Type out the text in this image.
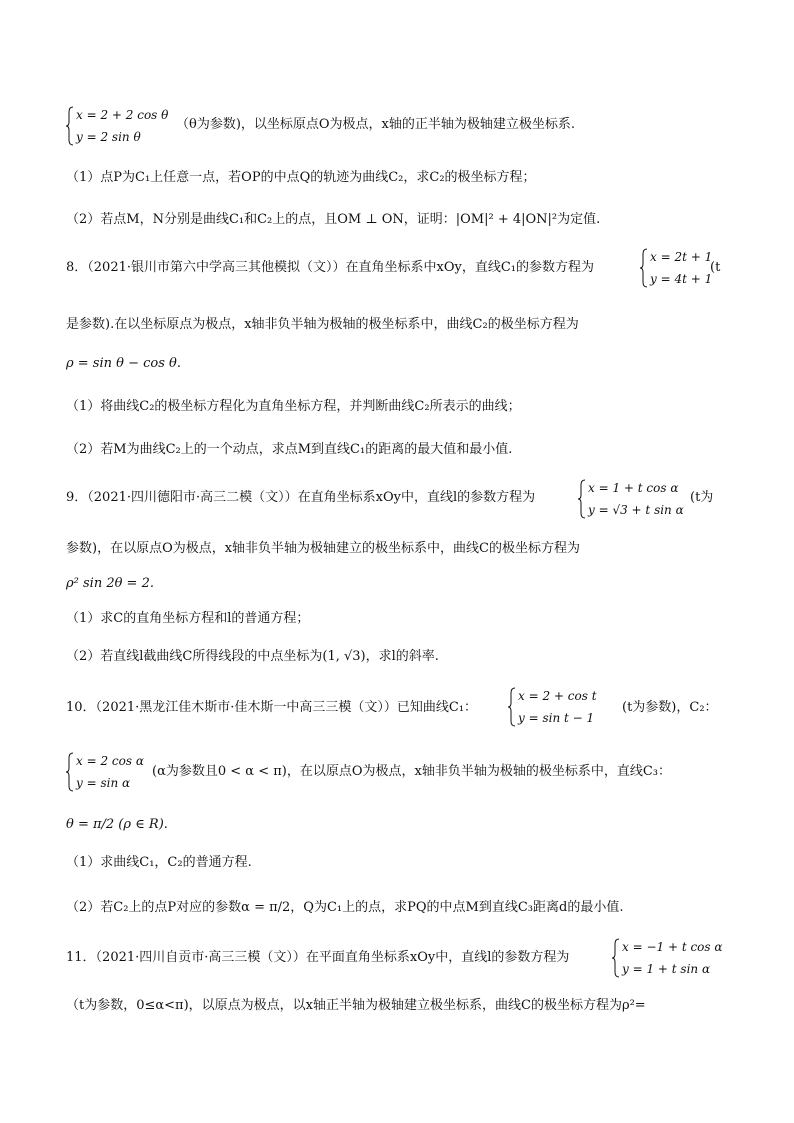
x = 2 + 2 cos θ
y = 2 sin θ
（θ为参数)，以坐标原点O为极点，x轴的正半轴为极轴建立极坐标系.
（1）点P为C₁上任意一点，若OP的中点Q的轨迹为曲线C₂，求C₂的极坐标方程；
（2）若点M，N分别是曲线C₁和C₂上的点，且OM ⊥ ON，证明：|OM|² + 4|ON|²为定值.
8．（2021·银川市第六中学高三其他模拟（文））在直角坐标系中xOy，直线C₁的参数方程为
x = 2t + 1
y = 4t + 1
(t
是参数).在以坐标原点为极点，x轴非负半轴为极轴的极坐标系中，曲线C₂的极坐标方程为
ρ = sin θ − cos θ.
（1）将曲线C₂的极坐标方程化为直角坐标方程，并判断曲线C₂所表示的曲线；
（2）若M为曲线C₂上的一个动点，求点M到直线C₁的距离的最大值和最小值.
9．（2021·四川德阳市·高三二模（文））在直角坐标系xOy中，直线l的参数方程为
x = 1 + t cos α
y = √3 + t sin α
(t为
参数)，在以原点O为极点，x轴非负半轴为极轴建立的极坐标系中，曲线C的极坐标方程为
ρ² sin 2θ = 2.
（1）求C的直角坐标方程和l的普通方程；
（2）若直线l截曲线C所得线段的中点坐标为(1, √3)，求l的斜率.
10．（2021·黑龙江佳木斯市·佳木斯一中高三三模（文））已知曲线C₁：
x = 2 + cos t
y = sin t − 1
(t为参数)，C₂：
x = 2 cos α
y = sin α
(α为参数且0 < α < π)，在以原点O为极点，x轴非负半轴为极轴的极坐标系中，直线C₃：
θ = π/2 (ρ ∈ R).
（1）求曲线C₁，C₂的普通方程.
（2）若C₂上的点P对应的参数α = π/2，Q为C₁上的点，求PQ的中点M到直线C₃距离d的最小值.
11．（2021·四川自贡市·高三三模（文））在平面直角坐标系xOy中，直线l的参数方程为
x = −1 + t cos α
y = 1 + t sin α
（t为参数，0≤α<π)，以原点为极点，以x轴正半轴为极轴建立极坐标系，曲线C的极坐标方程为ρ²=
